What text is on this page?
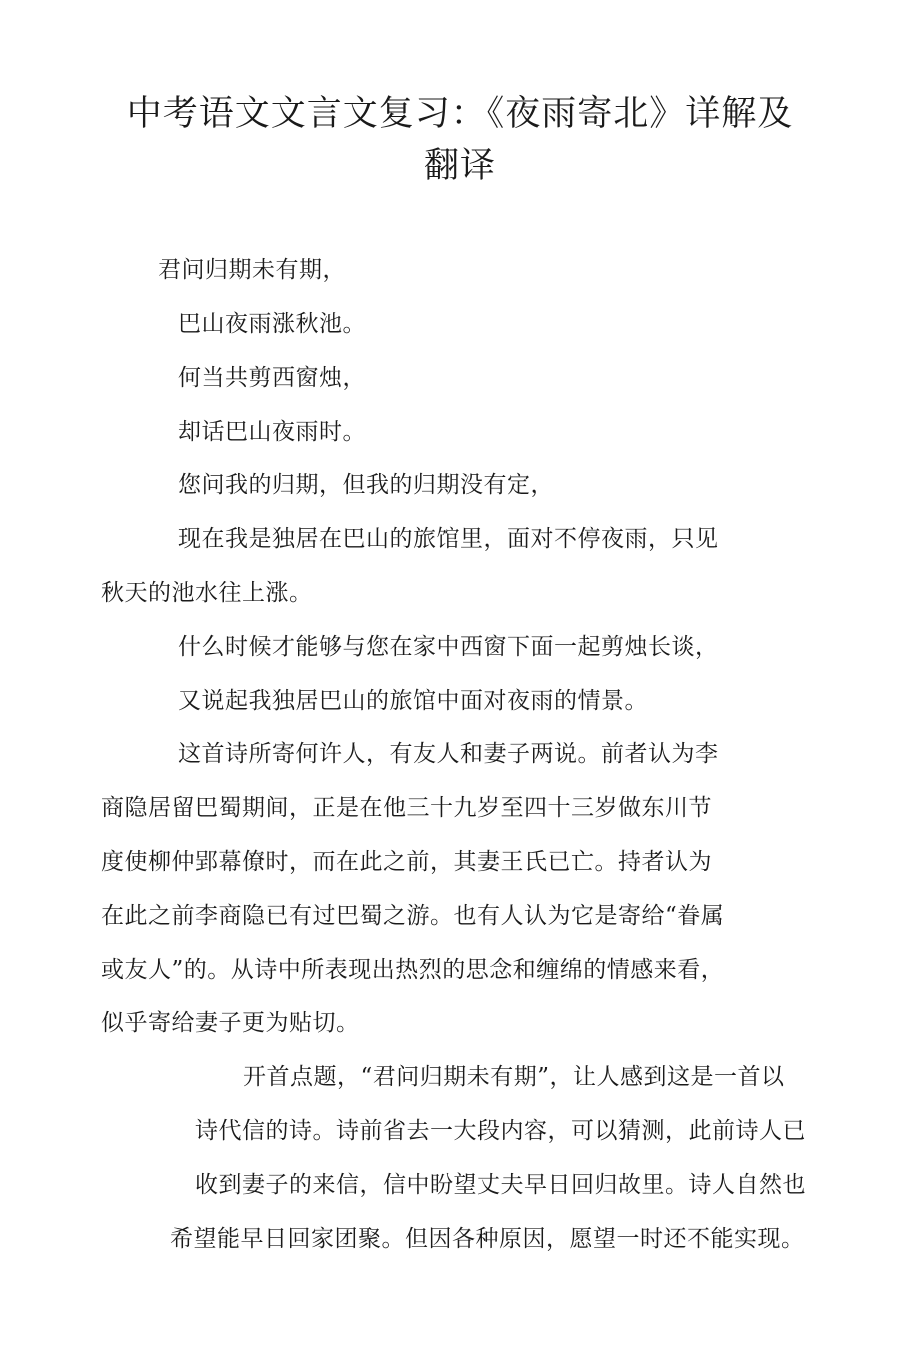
中考语文文言文复习：《夜雨寄北》详解及
翻译
君问归期未有期，
巴山夜雨涨秋池。
何当共剪西窗烛，
却话巴山夜雨时。
您问我的归期，但我的归期没有定，
现在我是独居在巴山的旅馆里，面对不停夜雨，只见
秋天的池水往上涨。
什么时候才能够与您在家中西窗下面一起剪烛长谈，
又说起我独居巴山的旅馆中面对夜雨的情景。
这首诗所寄何许人，有友人和妻子两说。前者认为李
商隐居留巴蜀期间，正是在他三十九岁至四十三岁做东川节
度使柳仲郢幕僚时，而在此之前，其妻王氏已亡。持者认为
在此之前李商隐已有过巴蜀之游。也有人认为它是寄给“眷属
或友人”的。从诗中所表现出热烈的思念和缠绵的情感来看，
似乎寄给妻子更为贴切。
开首点题，“君问归期未有期”，让人感到这是一首以
诗代信的诗。诗前省去一大段内容，可以猜测，此前诗人已
收到妻子的来信，信中盼望丈夫早日回归故里。诗人自然也
希望能早日回家团聚。但因各种原因，愿望一时还不能实现。
